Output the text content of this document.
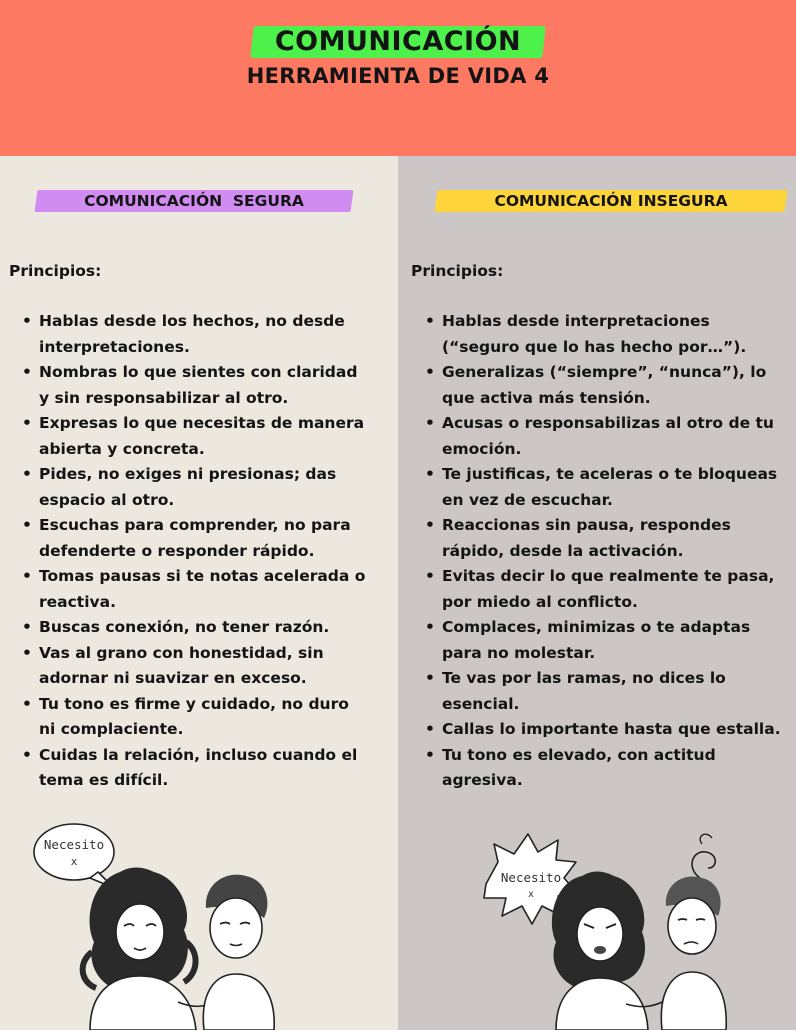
COMUNICACIÓN
HERRAMIENTA DE VIDA 4
COMUNICACIÓN  SEGURA
Principios:
• Hablas desde los hechos, no desde interpretaciones.
• Nombras lo que sientes con claridad y sin responsabilizar al otro.
• Expresas lo que necesitas de manera abierta y concreta.
• Pides, no exiges ni presionas; das espacio al otro.
• Escuchas para comprender, no para defenderte o responder rápido.
• Tomas pausas si te notas acelerada o reactiva.
• Buscas conexión, no tener razón.
• Vas al grano con honestidad, sin adornar ni suavizar en exceso.
• Tu tono es firme y cuidado, no duro ni complaciente.
• Cuidas la relación, incluso cuando el tema es difícil.
Necesito
x
COMUNICACIÓN INSEGURA
Principios:
• Hablas desde interpretaciones (“seguro que lo has hecho por…”).
• Generalizas (“siempre”, “nunca”), lo que activa más tensión.
• Acusas o responsabilizas al otro de tu emoción.
• Te justificas, te aceleras o te bloqueas en vez de escuchar.
• Reaccionas sin pausa, respondes rápido, desde la activación.
• Evitas decir lo que realmente te pasa, por miedo al conflicto.
• Complaces, minimizas o te adaptas para no molestar.
• Te vas por las ramas, no dices lo esencial.
• Callas lo importante hasta que estalla.
• Tu tono es elevado, con actitud agresiva.
Necesito
x
